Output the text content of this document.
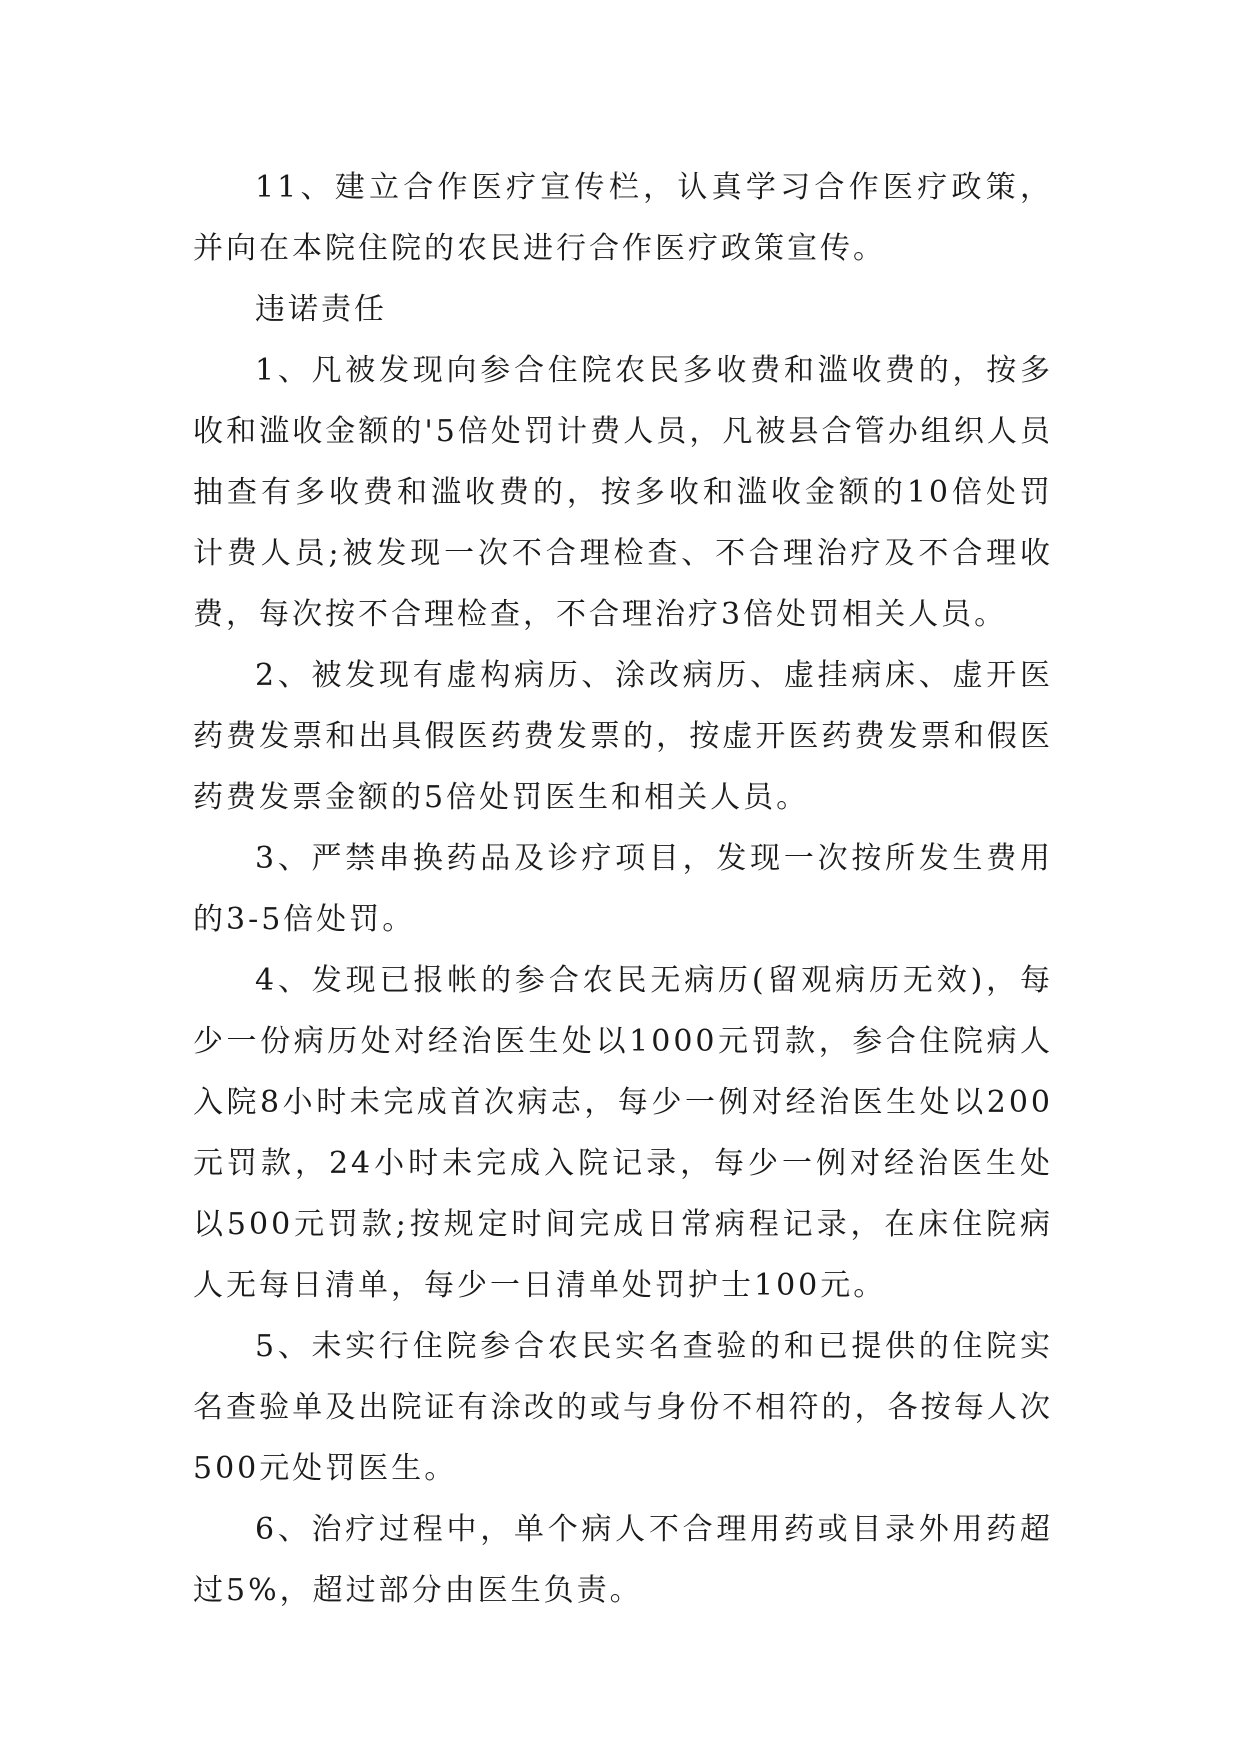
11、建立合作医疗宣传栏，认真学习合作医疗政策，并向在本院住院的农民进行合作医疗政策宣传。

违诺责任

1、凡被发现向参合住院农民多收费和滥收费的，按多收和滥收金额的'5倍处罚计费人员，凡被县合管办组织人员抽查有多收费和滥收费的，按多收和滥收金额的10倍处罚计费人员;被发现一次不合理检查、不合理治疗及不合理收费，每次按不合理检查，不合理治疗3倍处罚相关人员。

2、被发现有虚构病历、涂改病历、虚挂病床、虚开医药费发票和出具假医药费发票的，按虚开医药费发票和假医药费发票金额的5倍处罚医生和相关人员。

3、严禁串换药品及诊疗项目，发现一次按所发生费用的3-5倍处罚。

4、发现已报帐的参合农民无病历(留观病历无效)，每少一份病历处对经治医生处以1000元罚款，参合住院病人入院8小时未完成首次病志，每少一例对经治医生处以200元罚款，24小时未完成入院记录，每少一例对经治医生处以500元罚款;按规定时间完成日常病程记录，在床住院病人无每日清单，每少一日清单处罚护士100元。

5、未实行住院参合农民实名查验的和已提供的住院实名查验单及出院证有涂改的或与身份不相符的，各按每人次500元处罚医生。

6、治疗过程中，单个病人不合理用药或目录外用药超过5%，超过部分由医生负责。
